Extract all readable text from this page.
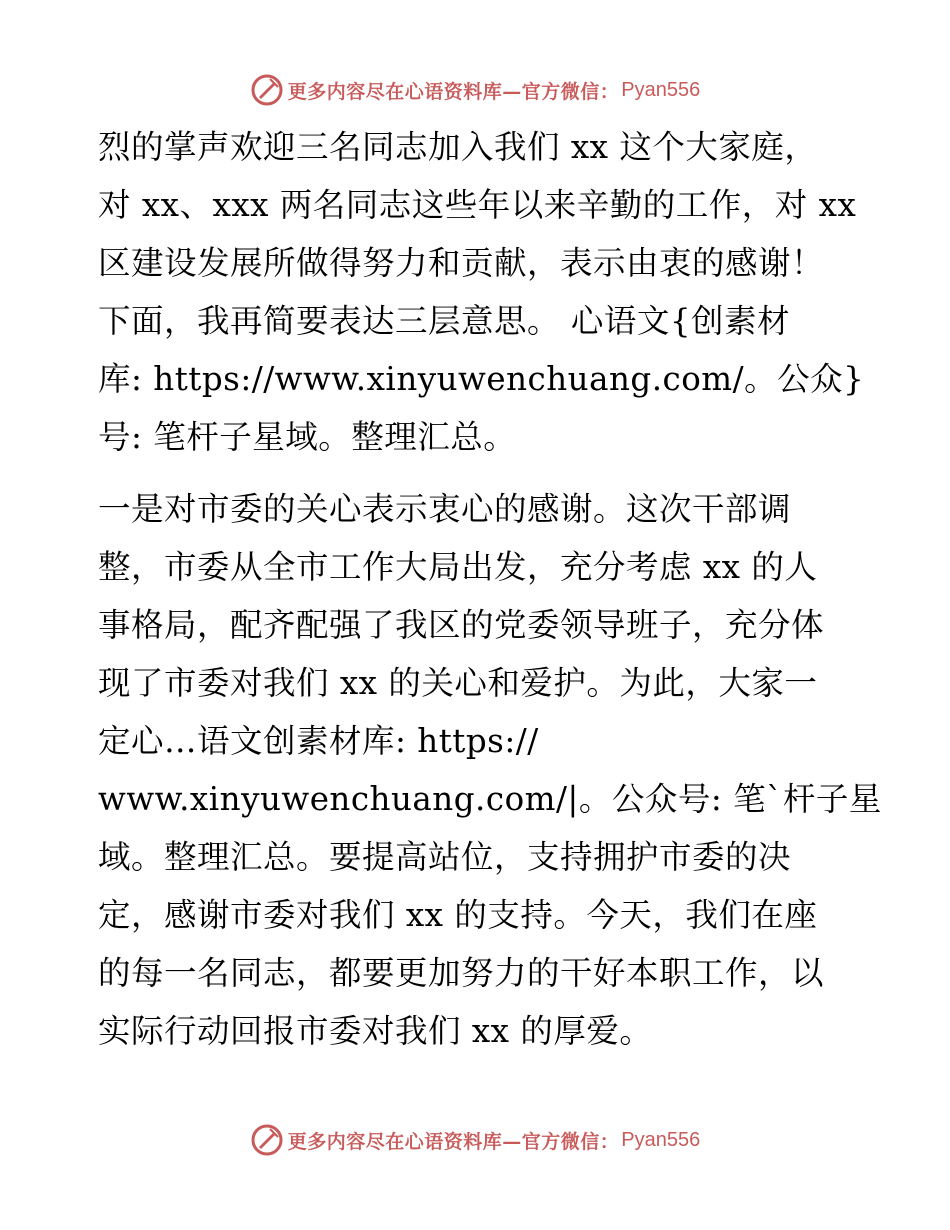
更多内容尽在心语资料库—官方微信： Pyan556
烈的掌声欢迎三名同志加入我们 xx 这个大家庭，
对 xx、xxx 两名同志这些年以来辛勤的工作，对 xx
区建设发展所做得努力和贡献，表示由衷的感谢！
下面，我再简要表达三层意思。 心语文{创素材
库: https://www.xinyuwenchuang.com/。公众}
号: 笔杆子星域。整理汇总。
一是对市委的关心表示衷心的感谢。这次干部调
整，市委从全市工作大局出发，充分考虑 xx 的人
事格局，配齐配强了我区的党委领导班子，充分体
现了市委对我们 xx 的关心和爱护。为此，大家一
定心…语文创素材库: https://
www.xinyuwenchuang.com/|。公众号: 笔`杆子星
域。整理汇总。要提高站位，支持拥护市委的决
定，感谢市委对我们 xx 的支持。今天，我们在座
的每一名同志，都要更加努力的干好本职工作，以
实际行动回报市委对我们 xx 的厚爱。
更多内容尽在心语资料库—官方微信： Pyan556
